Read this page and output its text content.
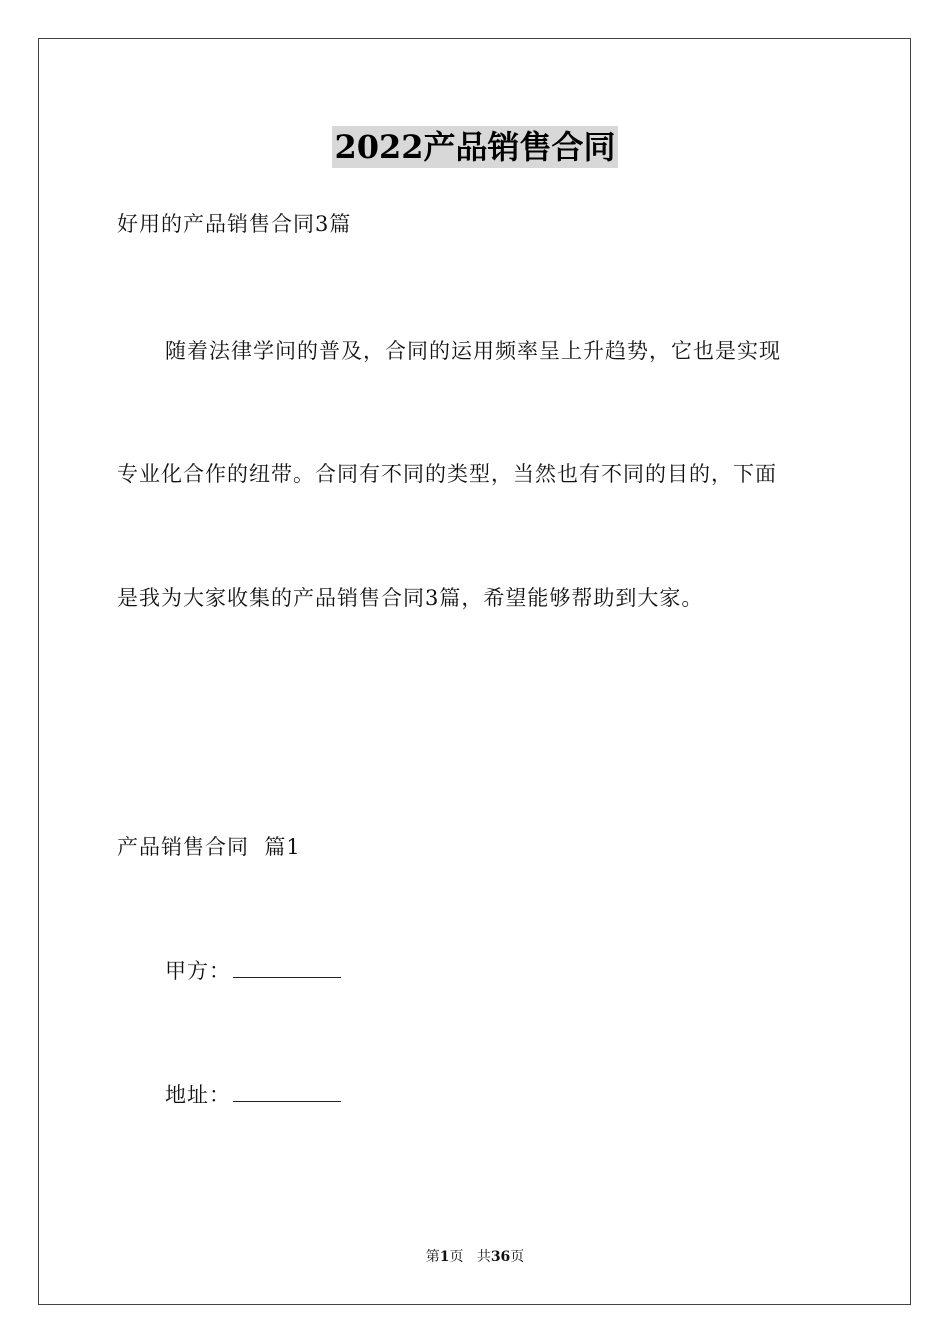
2022产品销售合同
好用的产品销售合同3篇
随着法律学问的普及，合同的运用频率呈上升趋势，它也是实现
专业化合作的纽带。合同有不同的类型，当然也有不同的目的，下面
是我为大家收集的产品销售合同3篇，希望能够帮助到大家。
产品销售合同  篇1
甲方：
地址：
第1页 共36页
